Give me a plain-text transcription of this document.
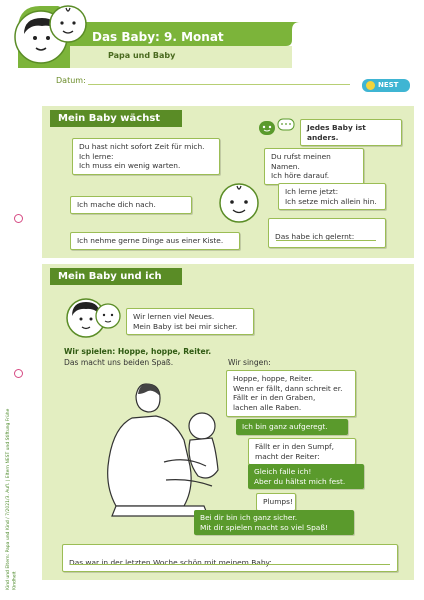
Das Baby: 9. Monat
Papa und Baby
Datum:	NEST
Kind und Eltern: Papa und Kind / 7/2021/3. Aufl. | Eltern NEST und Stiftung Frühe Kindheit
Mein Baby wächst
Jedes Baby ist anders.
Du hast nicht sofort Zeit für mich.
Ich lerne:
Ich muss ein wenig warten.
Du rufst meinen Namen.
Ich höre darauf.
Ich mache dich nach.
Ich lerne jetzt:
Ich setze mich allein hin.

Das habe ich gelernt:

Ich nehme gerne Dinge aus einer Kiste.
Mein Baby und ich
Wir lernen viel Neues.
Mein Baby ist bei mir sicher.
Wir spielen: Hoppe, hoppe, Reiter.
Das macht uns beiden Spaß.	Wir singen:
Hoppe, hoppe, Reiter.
Wenn er fällt, dann schreit er.
Fällt er in den Graben,
lachen alle Raben.
Ich bin ganz aufgeregt.
Fällt er in den Sumpf,
macht der Reiter:
Gleich falle ich!
Aber du hältst mich fest.
Plumps!
Bei dir bin ich ganz sicher.
Mit dir spielen macht so viel Spaß!

Das war in der letzten Woche schön mit meinem Baby:
